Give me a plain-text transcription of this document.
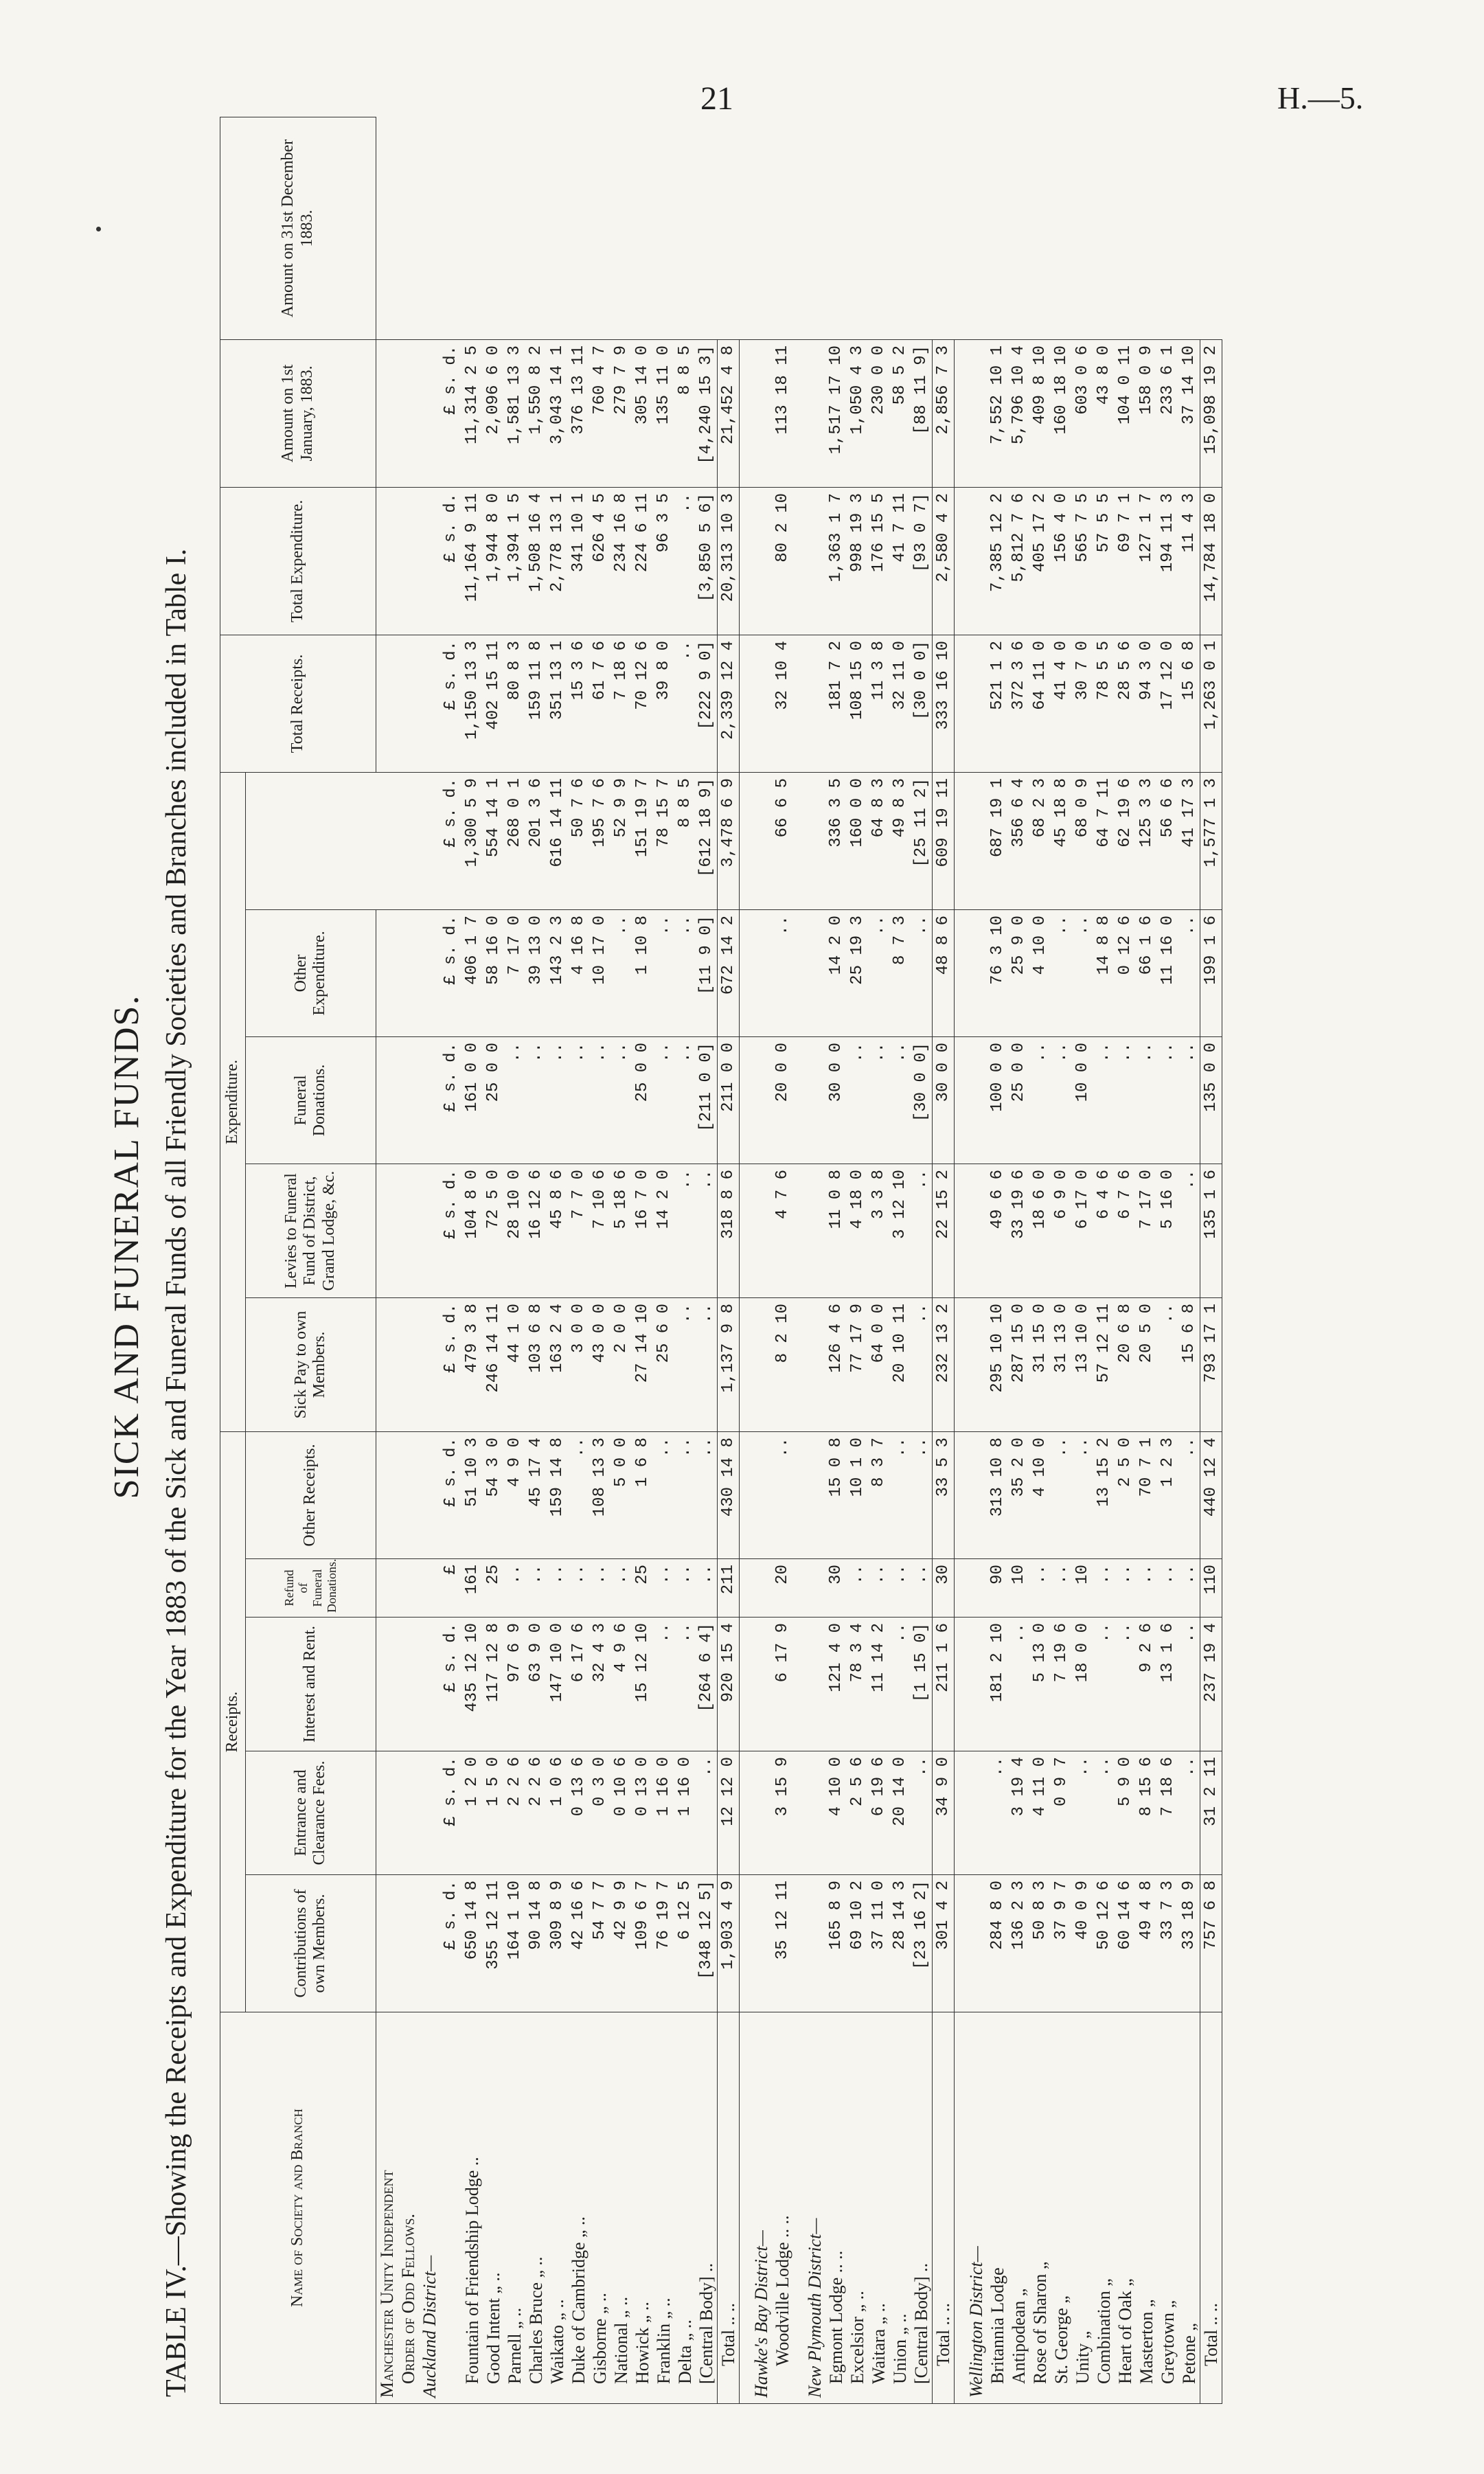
21	H.—5.
SICK AND FUNERAL FUNDS. TABLE IV.—Showing the Receipts and Expenditure for the Year 1883 of the Sick and Funeral Funds of all Friendly Societies and Branches included in Table I.	Name of Society and Branch	Receipts.					Expenditure.					Total Receipts.	Total Expenditure.	Amount on 1st January, 1883.	Amount on 31st December 1883.
	Contributions of own Members.	Entrance and Clearance Fees.	Interest and Rent.	Refund of Funeral Donations.	Other Receipts.	Sick Pay to own Members.	Levies to Funeral Fund of District, Grand Lodge, &c.	Funeral Donations.	Other Expenditure.					
Manchester Unity Independent														
Order of Odd Fellows.														
Auckland District—														
	£ s. d.	£ s. d.	£ s. d.	£	£ s. d.	£ s. d.	£ s. d.	£ s. d.	£ s. d.	£ s. d.	£ s. d.	£ s. d.	£ s. d.	
Fountain of Friendship Lodge ..	650 14 8	1 2 0	435 12 10	161	51 10 3	479 3 8	104 8 0	161 0 0	406 1 7	1,300 5 9	1,150 13 3	11,164 9 11	11,314 2 5	
Good Intent „ ..	355 12 11	1 5 0	117 12 8	25	54 3 0	246 14 11	72 5 0	25 0 0	58 16 0	554 14 1	402 15 11	1,944 8 0	2,096 6 0	
Parnell „ ..	164 1 10	2 2 6	97 6 9	..	4 9 0	44 1 0	28 10 0	..	7 17 0	268 0 1	80 8 3	1,394 1 5	1,581 13 3	
Charles Bruce „ ..	90 14 8	2 2 6	63 9 0	..	45 17 4	103 6 8	16 12 6	..	39 13 0	201 3 6	159 11 8	1,508 16 4	1,550 8 2	
Waikato „ ..	309 8 9	1 0 6	147 10 0	..	159 14 8	163 2 4	45 8 6	..	143 2 3	616 14 11	351 13 1	2,778 13 1	3,043 14 1	
Duke of Cambridge „ ..	42 16 6	0 13 6	6 17 6	..	..	3 0 0	7 7 0	..	4 16 8	50 7 6	15 3 6	341 10 1	376 13 11	
Gisborne „ ..	54 7 7	0 3 0	32 4 3	..	108 13 3	43 0 0	7 10 6	..	10 17 0	195 7 6	61 7 6	626 4 5	760 4 7	
National „ ..	42 9 9	0 10 6	4 9 6	..	5 0 0	2 0 0	5 18 6	..	..	52 9 9	7 18 6	234 16 8	279 7 9	
Howick „ ..	109 6 7	0 13 0	15 12 10	25	1 6 8	27 14 10	16 7 0	25 0 0	1 10 8	151 19 7	70 12 6	224 6 11	305 14 0	
Franklin „ ..	76 19 7	1 16 0	..	..	..	25 6 0	14 2 0	..	..	78 15 7	39 8 0	96 3 5	135 11 0	
Delta „ ..	6 12 5	1 16 0	..	..	..	..	..	..	..	8 8 5	..	..	8 8 5	
[Central Body] ..	[348 12 5]	..	[264 6 4]	..	..	..	..	[211 0 0]	[11 9 0]	[612 18 9]	[222 9 0]	[3,850 5 6]	[4,240 15 3]	
Total .. ..	1,903 4 9	12 12 0	920 15 4	211	430 14 8	1,137 9 8	318 8 6	211 0 0	672 14 2	3,478 6 9	2,339 12 4	20,313 10 3	21,452 4 8	

Hawke's Bay District—														
Woodville Lodge .. ..	35 12 11	3 15 9	6 17 9	20	..	8 2 10	4 7 6	20 0 0	..	66 6 5	32 10 4	80 2 10	113 18 11	

New Plymouth District—														
Egmont Lodge .. ..	165 8 9	4 10 0	121 4 0	30	15 0 8	126 4 6	11 0 8	30 0 0	14 2 0	336 3 5	181 7 2	1,363 1 7	1,517 17 10	
Excelsior „ ..	69 10 2	2 5 6	78 3 4	..	10 1 0	77 17 9	4 18 0	..	25 19 3	160 0 0	108 15 0	998 19 3	1,050 4 3	
Waitara „ ..	37 11 0	6 19 6	11 14 2	..	8 3 7	64 0 0	3 3 8	..	..	64 8 3	11 3 8	176 15 5	230 0 0	
Union „ ..	28 14 3	20 14 0	..	..	..	20 10 11	3 12 10	..	8 7 3	49 8 3	32 11 0	41 7 11	58 5 2	
[Central Body] ..	[23 16 2]	..	[1 15 0]	..	..	..	..	[30 0 0]	..	[25 11 2]	[30 0 0]	[93 0 7]	[88 11 9]	
Total .. ..	301 4 2	34 9 0	211 1 6	30	33 5 3	232 13 2	22 15 2	30 0 0	48 8 6	609 19 11	333 16 10	2,580 4 2	2,856 7 3	

Wellington District—														
Britannia Lodge	284 8 0	..	181 2 10	90	313 10 8	295 10 10	49 6 6	100 0 0	76 3 10	687 19 1	521 1 2	7,385 12 2	7,552 10 1	
Antipodean „	136 2 3	3 19 4	..	10	35 2 0	287 15 0	33 19 6	25 0 0	25 9 0	356 6 4	372 3 6	5,812 7 6	5,796 10 4	
Rose of Sharon „	50 8 3	4 11 0	5 13 0	..	4 10 0	31 15 0	18 6 0	..	4 10 0	68 2 3	64 11 0	405 17 2	409 8 10	
St. George „	37 9 7	0 9 7	7 19 6	..	..	31 13 0	6 9 0	..	..	45 18 8	41 4 0	156 4 0	160 18 10	
Unity „	40 0 9	..	18 0 0	10	..	13 10 0	6 17 0	10 0 0	..	68 0 9	30 7 0	565 7 5	603 0 6	
Combination „	50 12 6	..	..	..	13 15 2	57 12 11	6 4 6	..	14 8 8	64 7 11	78 5 5	57 5 5	43 8 0	
Heart of Oak „	60 14 6	5 9 0	..	..	2 5 0	20 6 8	6 7 6	..	0 12 6	62 19 6	28 5 6	69 7 1	104 0 11	
Masterton „	49 4 8	8 15 6	9 2 6	..	70 7 1	20 5 0	7 17 0	..	66 1 6	125 3 3	94 3 0	127 1 7	158 0 9	
Greytown „	33 7 3	7 18 6	13 1 6	..	1 2 3	..	5 16 0	..	11 16 0	56 6 6	17 12 0	194 11 3	233 6 1	
Petone „	33 18 9	..	..	..	..	15 6 8	..	..	..	41 17 3	15 6 8	11 4 3	37 14 10	
Total .. ..	757 6 8	31 2 11	237 19 4	110	440 12 4	793 17 1	135 1 6	135 0 0	199 1 6	1,577 1 3	1,263 0 1	14,784 18 0	15,098 19 2	
